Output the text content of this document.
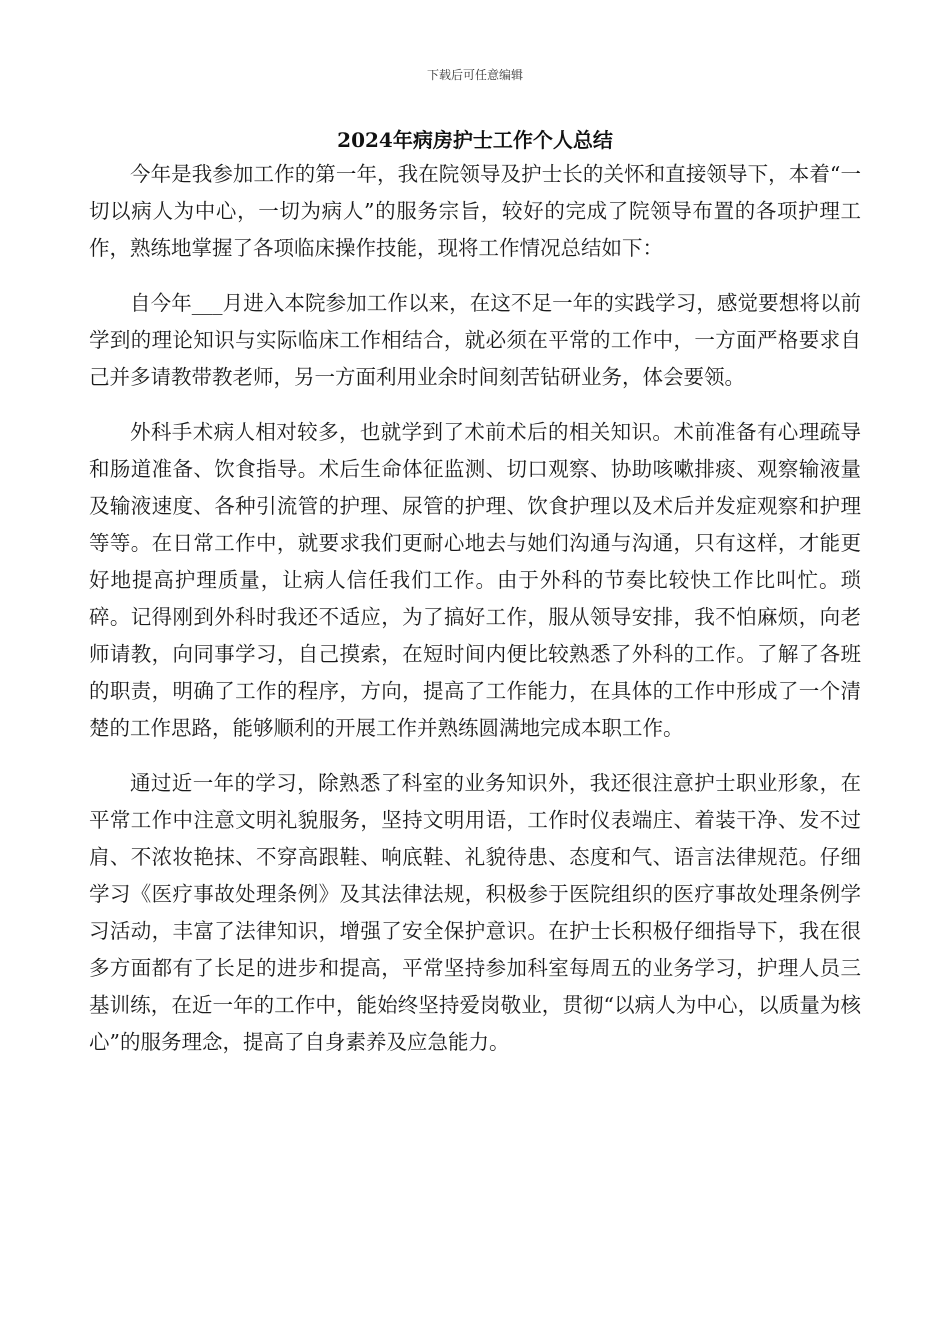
下载后可任意编辑
2024年病房护士工作个人总结

今年是我参加工作的第一年，我在院领导及护士长的关怀和直接领导下，本着“一切以病人为中心，一切为病人”的服务宗旨，较好的完成了院领导布置的各项护理工作，熟练地掌握了各项临床操作技能，现将工作情况总结如下：

自今年___月进入本院参加工作以来，在这不足一年的实践学习，感觉要想将以前学到的理论知识与实际临床工作相结合，就必须在平常的工作中，一方面严格要求自己并多请教带教老师，另一方面利用业余时间刻苦钻研业务，体会要领。

外科手术病人相对较多，也就学到了术前术后的相关知识。术前准备有心理疏导和肠道准备、饮食指导。术后生命体征监测、切口观察、协助咳嗽排痰、观察输液量及输液速度、各种引流管的护理、尿管的护理、饮食护理以及术后并发症观察和护理等等。在日常工作中，就要求我们更耐心地去与她们沟通与沟通，只有这样，才能更好地提高护理质量，让病人信任我们工作。由于外科的节奏比较快工作比叫忙。琐碎。记得刚到外科时我还不适应，为了搞好工作，服从领导安排，我不怕麻烦，向老师请教，向同事学习，自己摸索，在短时间内便比较熟悉了外科的工作。了解了各班的职责，明确了工作的程序，方向，提高了工作能力，在具体的工作中形成了一个清楚的工作思路，能够顺利的开展工作并熟练圆满地完成本职工作。

通过近一年的学习，除熟悉了科室的业务知识外，我还很注意护士职业形象，在平常工作中注意文明礼貌服务，坚持文明用语，工作时仪表端庄、着装干净、发不过肩、不浓妆艳抹、不穿高跟鞋、响底鞋、礼貌待患、态度和气、语言法律规范。仔细学习《医疗事故处理条例》及其法律法规，积极参于医院组织的医疗事故处理条例学习活动，丰富了法律知识，增强了安全保护意识。在护士长积极仔细指导下，我在很多方面都有了长足的进步和提高，平常坚持参加科室每周五的业务学习，护理人员三基训练，在近一年的工作中，能始终坚持爱岗敬业，贯彻“以病人为中心，以质量为核心”的服务理念，提高了自身素养及应急能力。
